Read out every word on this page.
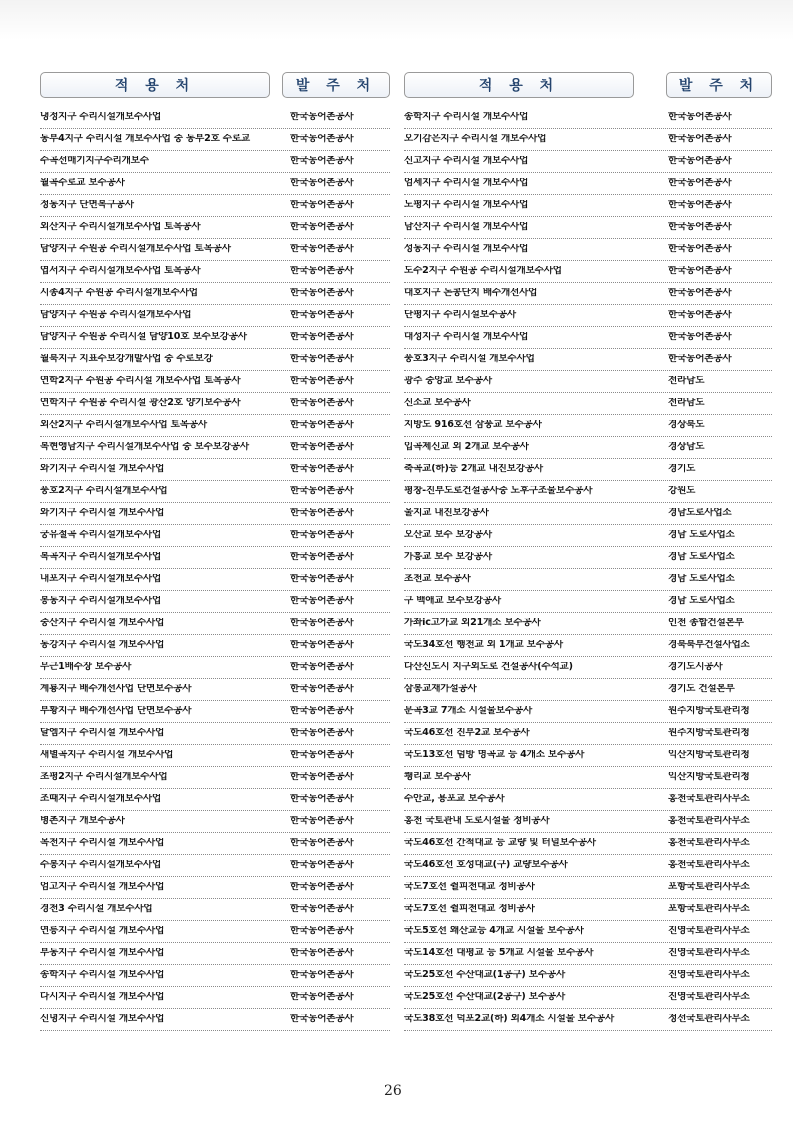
적 용 처	발 주 처
냉정지구 수리시설개보수사업	한국농어촌공사
동부4지구 수리시설 개보수사업 중 동부2호 수로교	한국농어촌공사
수곡선매기지구수리개보수	한국농어촌공사
월곡수로교 보수공사	한국농어촌공사
정동지구 단면복구공사	한국농어촌공사
외산지구 수리시설개보수사업 토목공사	한국농어촌공사
담양지구 수원공 수리시설개보수사업 토목공사	한국농어촌공사
엽서지구 수리시설개보수사업 토목공사	한국농어촌공사
시종4지구 수원공 수리시설개보수사업	한국농어촌공사
담양지구 수원공 수리시설개보수사업	한국농어촌공사
담양지구 수원공 수리시설 담양10호 보수보강공사	한국농어촌공사
월북지구 지표수보강개발사업 중 수로보강	한국농어촌공사
연학2지구 수원공 수리시설 개보수사업 토목공사	한국농어촌공사
연학지구 수원공 수리시설 광산2호 양기보수공사	한국농어촌공사
외산2지구 수리시설개보수사업 토목공사	한국농어촌공사
복현앵남지구 수리시설개보수사업 중 보수보강공사	한국농어촌공사
와기지구 수리시설 개보수사업	한국농어촌공사
풍호2지구 수리시설개보수사업	한국농어촌공사
와기지구 수리시설 개보수사업	한국농어촌공사
궁유절곡 수리시설개보수사업	한국농어촌공사
복곡지구 수리시설개보수사업	한국농어촌공사
내포지구 수리시설개보수사업	한국농어촌공사
봉동지구 수리시설개보수사업	한국농어촌공사
중산지구 수리시설 개보수사업	한국농어촌공사
동강지구 수리시설 개보수사업	한국농어촌공사
무근1배수장 보수공사	한국농어촌공사
계룡지구 배수개선사업 단면보수공사	한국농어촌공사
부황지구 배수개선사업 단면보수공사	한국농어촌공사
달엠지구 수리시설 개보수사업	한국농어촌공사
새별곡지구 수리시설 개보수사업	한국농어촌공사
초평2지구 수리시설개보수사업	한국농어촌공사
조때지구 수리시설개보수사업	한국농어촌공사
병촌지구 개보수공사	한국농어촌공사
목천지구 수리시설 개보수사업	한국농어촌공사
수봉지구 수리시설개보수사업	한국농어촌공사
엄고지구 수리시설 개보수사업	한국농어촌공사
경천3 수리시설 개보수사업	한국농어촌공사
연릉지구 수리시설 개보수사업	한국농어촌공사
부동지구 수리시설 개보수사업	한국농어촌공사
송학지구 수리시설 개보수사업	한국농어촌공사
다시지구 수리시설 개보수사업	한국농어촌공사
신녕지구 수리시설 개보수사업	한국농어촌공사
적 용 처	발 주 처
송학지구 수리시설 개보수사업	한국농어촌공사
오기감은지구 수리시설 개보수사업	한국농어촌공사
신고지구 수리시설 개보수사업	한국농어촌공사
엄세지구 수리시설 개보수사업	한국농어촌공사
노평지구 수리시설 개보수사업	한국농어촌공사
남산지구 수리시설 개보수사업	한국농어촌공사
성동지구 수리시설 개보수사업	한국농어촌공사
도수2지구 수원공 수리시설개보수사업	한국농어촌공사
대호지구 논콩단지 배수개선사업	한국농어촌공사
단평지구 수리시설보수공사	한국농어촌공사
대성지구 수리시설 개보수사업	한국농어촌공사
풍호3지구 수리시설 개보수사업	한국농어촌공사
광주 중앙교 보수공사	전라남도
신소교 보수공사	전라남도
지방도 916호선 삼풍교 보수공사	경상북도
입곡제신교 외 2개교 보수공사	경상남도
축곡교(하)등 2개교 내진보강공사	경기도
평창-진부도로건설공사중 노후구조물보수공사	강원도
울지교 내진보강공사	경남도로사업소
오산교 보수 보강공사	경남 도로사업소
가흥교 보수 보강공사	경남 도로사업소
초천교 보수공사	경남 도로사업소
구 백애교 보수보강공사	경남 도로사업소
가좌ic고가교 외21개소 보수공사	인천 종합건설본부
국도34호선 행천교 외 1개교 보수공사	경북북부건설사업소
다산신도시 지구외도로 건설공사(수석교)	경기도시공사
삼봉교재가설공사	경기도 건설본부
문곡3교 7개소 시설물보수공사	원주지방국토관리청
국도46호선 진부2교 보수공사	원주지방국토관리청
국도13호선 덤방 명곡교 등 4개소 보수공사	익산지방국토관리청
쾡리교 보수공사	익산지방국토관리청
수안교, 용포교 보수공사	홍천국토관리사무소
홍천 국토관내 도로시설물 정비공사	홍천국토관리사무소
국도46호선 간척대교 등 교량 및 터널보수공사	홍천국토관리사무소
국도46호선 호성대교(구) 교량보수공사	홍천국토관리사무소
국도7호선 쥘피천대교 정비공사	포항국토관리사무소
국도7호선 쥘피천대교 정비공사	포항국토관리사무소
국도5호선 왜산교등 4개교 시설물 보수공사	진영국토관리사무소
국도14호선 대평교 등 5개교 시설물 보수공사	진영국토관리사무소
국도25호선 수산대교(1공구) 보수공사	진영국토관리사무소
국도25호선 수산대교(2공구) 보수공사	진영국토관리사무소
국도38호선 덕포2교(하) 외4개소 시설물 보수공사	정선국토관리사무소
26
